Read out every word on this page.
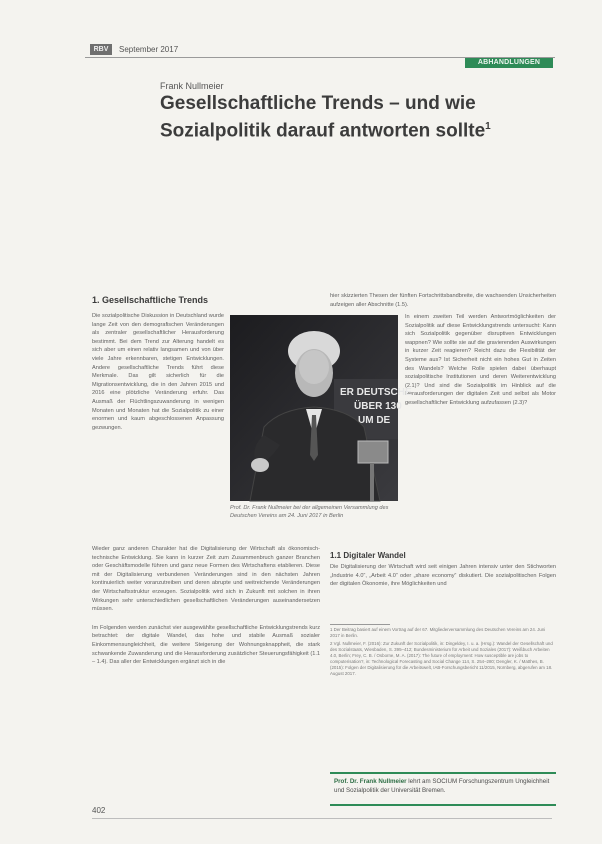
RBV	September 2017
ABHANDLUNGEN
Frank Nullmeier
Gesellschaftliche Trends – und wie
Sozialpolitik darauf antworten sollte$^1$
1. Gesellschaftliche Trends

Die sozialpolitische Diskussion in Deutschland wurde lange Zeit von den demografischen Veränderungen als zentraler gesellschaftlicher Herausforderung bestimmt. Bei dem Trend zur Alterung handelt es sich aber um einen relativ langsamen und von über viele Jahre erkennbaren, stetigen Entwicklungen. Andere gesellschaftliche Trends führt diese Merkmale. Das gilt sicherlich für die Migrationsentwicklung, die in den Jahren 2015 und 2016 eine plötzliche Veränderung erfuhr. Das Ausmaß der Flüchtlingszuwanderung in wenigen Monaten und Monaten hat die Sozialpolitik zu einer enormen und kaum abgeschlossenen Anpassung gezwungen.

Wieder ganz anderen Charakter hat die Digitalisierung der Wirtschaft als ökonomisch-technische Entwicklung. Sie kann in kurzer Zeit zum Zusammenbruch ganzer Branchen oder Geschäftsmodelle führen und ganz neue Formen des Wirtschaftens etablieren. Diese mit der Digitalisierung verbundenen Veränderungen sind in den nächsten Jahren kontinuierlich weiter voranzutreiben und deren abrupte und weitreichende Veränderungen der Wirtschaftsstruktur erzeugen. Sozialpolitik wird sich in Zukunft mit solchen in ihren Wirkungen sehr unterschiedlichen gesellschaftlichen Veränderungen auseinandersetzen müssen.

Im Folgenden werden zunächst vier ausgewählte gesellschaftliche Entwicklungstrends kurz betrachtet: der digitale Wandel, das hohe und stabile Ausmaß sozialer Einkommensungleichheit, die weitere Steigerung der Wohnungsknappheit, die stark schwankende Zuwanderung und die Herausforderung zusätzlicher Steuerungsfähigkeit (1.1 – 1.4). Das aller der Entwicklungen ergänzt sich in die

hier skizzierten Thesen der fünften Fortschrittsbandbreite, die wachsenden Unsicherheiten aufzeigen aller Abschnitte (1.5).

In einem zweiten Teil werden Antwortmöglichkeiten der Sozialpolitik auf diese Entwicklungstrends untersucht: Kann sich Sozialpolitik gegenüber disruptiven Entwicklungen wappnen? Wie sollte sie auf die gravierenden Auswirkungen in kurzer Zeit reagieren? Reicht dazu die Flexibilität der Systeme aus? Ist Sicherheit nicht ein hohes Gut in Zeiten des Wandels? Welche Rolle spielen dabei überhaupt sozialpolitische Institutionen und deren Weiterentwicklung (2.1)? Und sind die Sozialpolitik im Hinblick auf die Herausforderungen der digitalen Zeit und selbst als Motor gesellschaftlicher Entwicklung aufzufassen (2.3)?

1.1 Digitaler Wandel

Die Digitalisierung der Wirtschaft wird seit einigen Jahren intensiv unter den Stichworten „Industrie 4.0“, „Arbeit 4.0“ oder „share economy“ diskutiert. Die sozialpolitischen Folgen der digitalen Ökonomie, ihre Möglichkeiten und

ER DEUTSCHE
ÜBER 130
UM DE
Prof. Dr. Frank Nullmeier bei der allgemeinen Versammlung des Deutschen Vereins am 24. Juni 2017 in Berlin
1 Der Beitrag basiert auf einem Vortrag auf der 67. Mitgliederversammlung des Deutschen Vereins am 24. Juni 2017 in Berlin.
2 Vgl. Nullmeier, F. (2016): Zur Zukunft der Sozialpolitik, in: Dingeldey, I. u. a. (Hrsg.): Wandel der Gesellschaft und des Sozialstaats, Wiesbaden, S. 395–412; Bundesministerium für Arbeit und Soziales (2017): Weißbuch Arbeiten 4.0, Berlin; Frey, C. B. / Osborne, M. A. (2017): The future of employment: How susceptible are jobs to computerisation?, in: Technological Forecasting and Social Change 114, S. 254–280; Dengler, K. / Matthes, B. (2015): Folgen der Digitalisierung für die Arbeitswelt, IAB-Forschungsbericht 11/2015, Nürnberg, abgerufen am 18. August 2017.
Prof. Dr. Frank Nullmeier lehrt am SOCIUM Forschungszentrum Ungleichheit und Sozialpolitik der Universität Bremen.
402
